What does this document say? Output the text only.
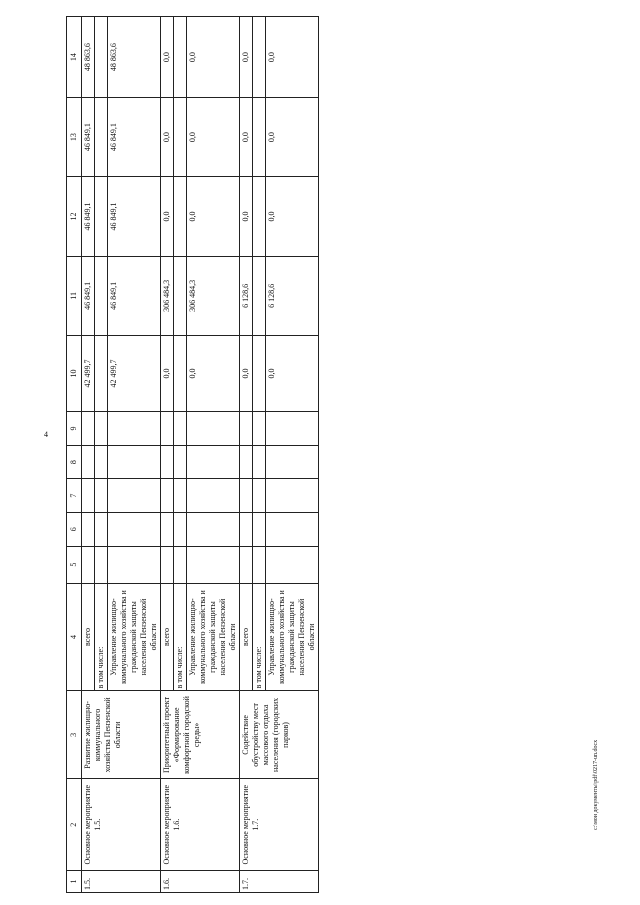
4
1	2	3	4	5	6	7	8	9	10	11	12	13	14
1.5.	Основное мероприятие 1.5.	Развитие жилищно-коммунального хозяйства Пензенской области	всего						42 499,7	46 849,1	46 849,1	46 849,1	48 863,6
			в том числе:										
			Управление жилищно-коммунального хозяйства и гражданской защиты населения Пензенской области						42 499,7	46 849,1	46 849,1	46 849,1	48 863,6
1.6.	Основное мероприятие 1.6.	Приоритетный проект «Формирование комфортной городской среды»	всего						0,0	306 484,3	0,0	0,0	0,0
			в том числе:										
			Управление жилищно-коммунального хозяйства и гражданской защиты населения Пензенской области						0,0	306 484,3	0,0	0,0	0,0
1.7.	Основное мероприятие 1.7.	Содействие обустройству мест массового отдыха населения (городских парков)	всего						0,0	6 128,6	0,0	0,0	0,0
			в том числе:										
			Управление жилищно-коммунального хозяйства и гражданской защиты населения Пензенской области						0,0	6 128,6	0,0	0,0	0,0
c:\мои документы\pdf\0217-un.docx
